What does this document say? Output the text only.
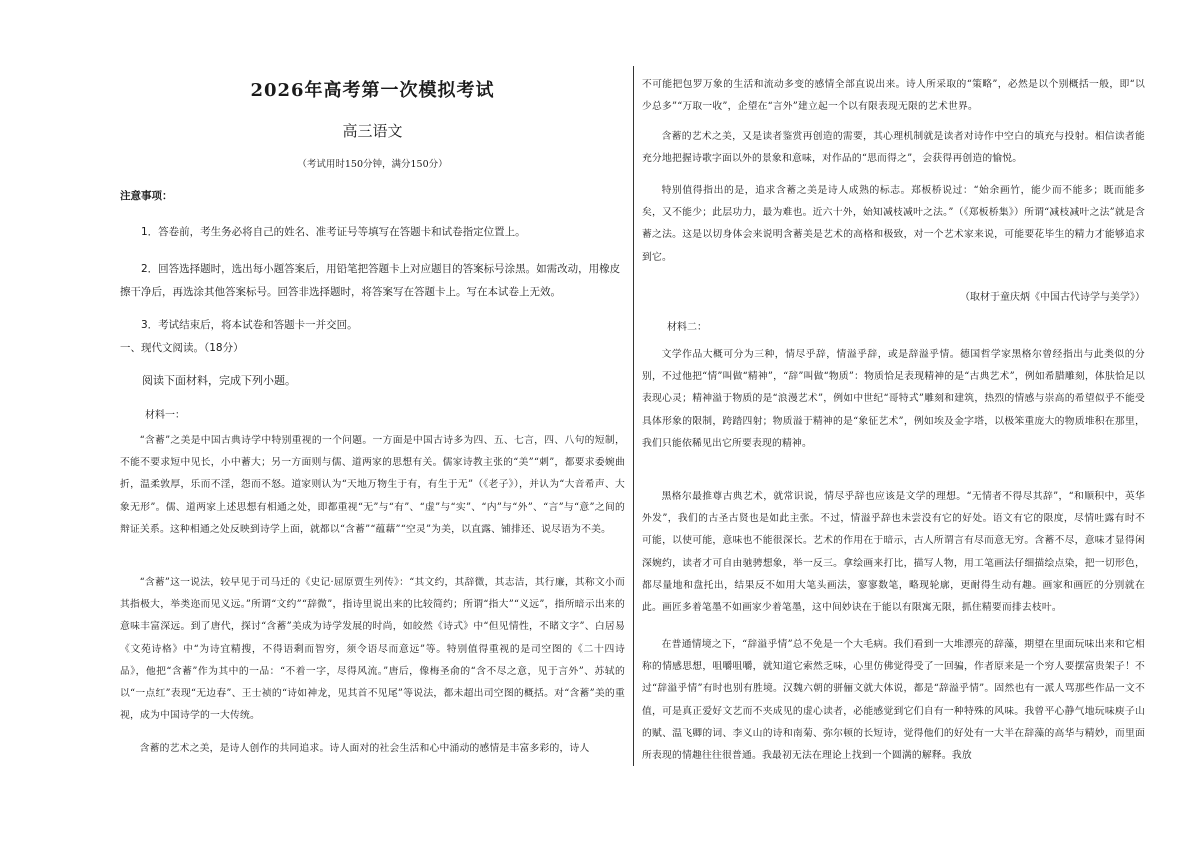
2026年高考第一次模拟考试
高三语文
（考试用时150分钟，满分150分）
注意事项：

1．答卷前，考生务必将自己的姓名、准考证号等填写在答题卡和试卷指定位置上。

2．回答选择题时，选出每小题答案后，用铅笔把答题卡上对应题目的答案标号涂黑。如需改动，用橡皮擦干净后，再选涂其他答案标号。回答非选择题时，将答案写在答题卡上。写在本试卷上无效。

3．考试结束后，将本试卷和答题卡一并交回。

一、现代文阅读。（18分）

阅读下面材料，完成下列小题。

材料一：

“含蓄”之美是中国古典诗学中特别重视的一个问题。一方面是中国古诗多为四、五、七言，四、八句的短制，不能不要求短中见长，小中蓄大；另一方面则与儒、道两家的思想有关。儒家诗教主张的“美”“刺”，都要求委婉曲折，温柔敦厚，乐而不淫，怨而不怒。道家则认为“天地万物生于有，有生于无”（《老子》），并认为“大音希声、大象无形”。儒、道两家上述思想有相通之处，即都重视“无”与“有”、“虚”与“实”、“内”与“外”、“言”与“意”之间的辩证关系。这种相通之处反映到诗学上面，就都以“含蓄”“蕴藉”“空灵”为美，以直露、铺排还、说尽语为不美。

“含蓄”这一说法，较早见于司马迁的《史记·屈原贾生列传》：“其文约，其辞微，其志洁，其行廉，其称文小而其指极大，举类迩而见义远。”所谓“文约”“辞微”，指诗里说出来的比较简约；所谓“指大”“义远”，指所暗示出来的意味丰富深远。到了唐代，探讨“含蓄”美成为诗学发展的时尚，如皎然《诗式》中“但见情性，不睹文字”、白居易《文苑诗格》中“为诗宜精搜，不得语剩而智穷，须令语尽而意远”等。特别值得重视的是司空图的《二十四诗品》，他把“含蓄”作为其中的一品：“不着一字，尽得风流。”唐后，像梅圣俞的“含不尽之意，见于言外”、苏轼的以“一点红”表现“无边春”、王士祯的“诗如神龙，见其首不见尾”等说法，都未超出司空图的概括。对“含蓄”美的重视，成为中国诗学的一大传统。

含蓄的艺术之美，是诗人创作的共同追求。诗人面对的社会生活和心中涌动的感情是丰富多彩的，诗人

不可能把包罗万象的生活和流动多变的感情全部直说出来。诗人所采取的“策略”，必然是以个别概括一般，即“以少总多”“万取一收”，企望在“言外”建立起一个以有限表现无限的艺术世界。

含蓄的艺术之美，又是读者鉴赏再创造的需要，其心理机制就是读者对诗作中空白的填充与投射。相信读者能充分地把握诗歌字面以外的景象和意味，对作品的“思而得之”，会获得再创造的愉悦。

特别值得指出的是，追求含蓄之美是诗人成熟的标志。郑板桥说过：“始余画竹，能少而不能多；既而能多矣，又不能少；此层功力，最为难也。近六十外，始知减枝减叶之法。”（《郑板桥集》）所谓“减枝减叶之法”就是含蓄之法。这是以切身体会来说明含蓄美是艺术的高格和极致，对一个艺术家来说，可能要花毕生的精力才能够追求到它。

（取材于童庆炳《中国古代诗学与美学》）

材料二：

文学作品大概可分为三种，情尽乎辞，情溢乎辞，或是辞溢乎情。德国哲学家黑格尔曾经指出与此类似的分别，不过他把“情”叫做“精神”，“辞”叫做“物质”：物质恰足表现精神的是“古典艺术”，例如希腊雕刻，体肤恰足以表现心灵；精神溢于物质的是“浪漫艺术”，例如中世纪“哥特式”雕刻和建筑，热烈的情感与崇高的希望似乎不能受具体形象的限制，跨踏四射；物质溢于精神的是“象征艺术”，例如埃及金字塔，以极笨重庞大的物质堆积在那里，我们只能依稀见出它所要表现的精神。

黑格尔最推尊古典艺术，就常识说，情尽乎辞也应该是文学的理想。“无情者不得尽其辞”，“和顺积中，英华外发”，我们的古圣古贤也是如此主张。不过，情溢乎辞也未尝没有它的好处。语文有它的限度，尽情吐露有时不可能，以使可能，意味也不能很深长。艺术的作用在于暗示，古人所谓言有尽而意无穷。含蓄不尽，意味才显得闲深婉约，读者才可自由驰骋想象，举一反三。拿绘画来打比，描写人物，用工笔画法仔细描绘点染，把一切形色，都尽量地和盘托出，结果反不如用大笔头画法，寥寥数笔，略现轮廓，更耐得生动有趣。画家和画匠的分别就在此。画匠多着笔墨不如画家少着笔墨，这中间妙诀在于能以有限寓无限，抓住精要而排去枝叶。

在普通情境之下，“辞溢乎情”总不免是一个大毛病。我们看到一大堆漂亮的辞藻，期望在里面玩味出来和它相称的情感思想，咀嚼咀嚼，就知道它索然乏味，心里仿佛觉得受了一回骗，作者原来是一个穷人要摆富贵架子！不过“辞溢乎情”有时也别有胜境。汉魏六朝的骈俪文就大体说，都是“辞溢乎情”。固然也有一派人骂那些作品一文不值，可是真正爱好文艺而不夹成见的虚心读者，必能感觉到它们自有一种特殊的风味。我曾平心静气地玩味庾子山的赋、温飞卿的词、李义山的诗和南菊、弥尔顿的长短诗，觉得他们的好处有一大半在辞藻的高华与精妙，而里面所表现的情趣往往很普通。我最初无法在理论上找到一个圆满的解释。我放
